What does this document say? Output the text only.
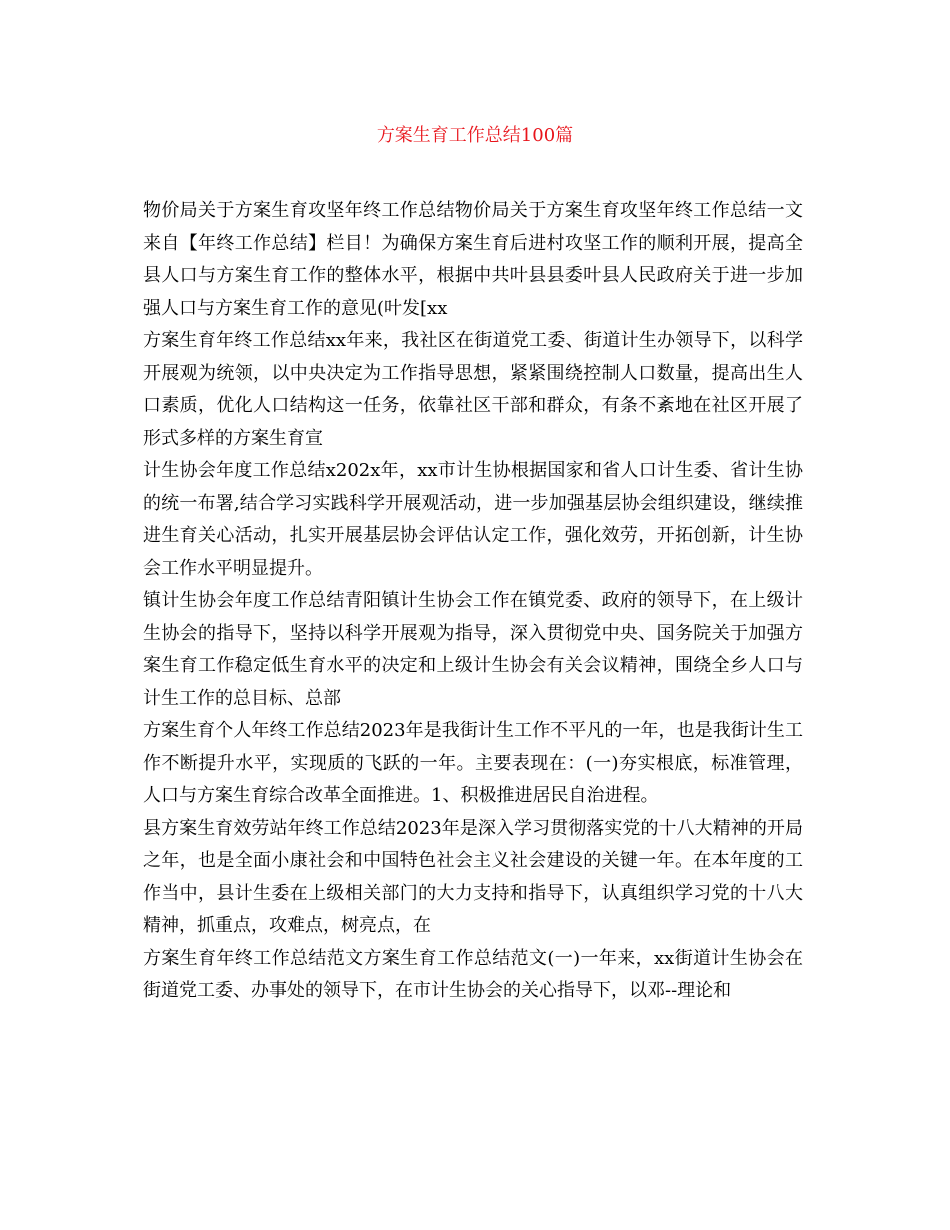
方案生育工作总结100篇

物价局关于方案生育攻坚年终工作总结物价局关于方案生育攻坚年终工作总结一文来自【年终工作总结】栏目！为确保方案生育后进村攻坚工作的顺利开展，提高全县人口与方案生育工作的整体水平，根据中共叶县县委叶县人民政府关于进一步加强人口与方案生育工作的意见(叶发[xx

方案生育年终工作总结xx年来，我社区在街道党工委、街道计生办领导下，以科学开展观为统领，以中央决定为工作指导思想，紧紧围绕控制人口数量，提高出生人口素质，优化人口结构这一任务，依靠社区干部和群众，有条不紊地在社区开展了形式多样的方案生育宣

计生协会年度工作总结x202x年，xx市计生协根据国家和省人口计生委、省计生协的统一布署,结合学习实践科学开展观活动，进一步加强基层协会组织建设，继续推进生育关心活动，扎实开展基层协会评估认定工作，强化效劳，开拓创新，计生协会工作水平明显提升。

镇计生协会年度工作总结青阳镇计生协会工作在镇党委、政府的领导下，在上级计生协会的指导下，坚持以科学开展观为指导，深入贯彻党中央、国务院关于加强方案生育工作稳定低生育水平的决定和上级计生协会有关会议精神，围绕全乡人口与计生工作的总目标、总部

方案生育个人年终工作总结2023年是我街计生工作不平凡的一年，也是我街计生工作不断提升水平，实现质的飞跃的一年。主要表现在：(一)夯实根底，标准管理，人口与方案生育综合改革全面推进。1、积极推进居民自治进程。

县方案生育效劳站年终工作总结2023年是深入学习贯彻落实党的十八大精神的开局之年，也是全面小康社会和中国特色社会主义社会建设的关键一年。在本年度的工作当中，县计生委在上级相关部门的大力支持和指导下，认真组织学习党的十八大精神，抓重点，攻难点，树亮点，在

方案生育年终工作总结范文方案生育工作总结范文(一)一年来，xx街道计生协会在街道党工委、办事处的领导下，在市计生协会的关心指导下，以邓--理论和
